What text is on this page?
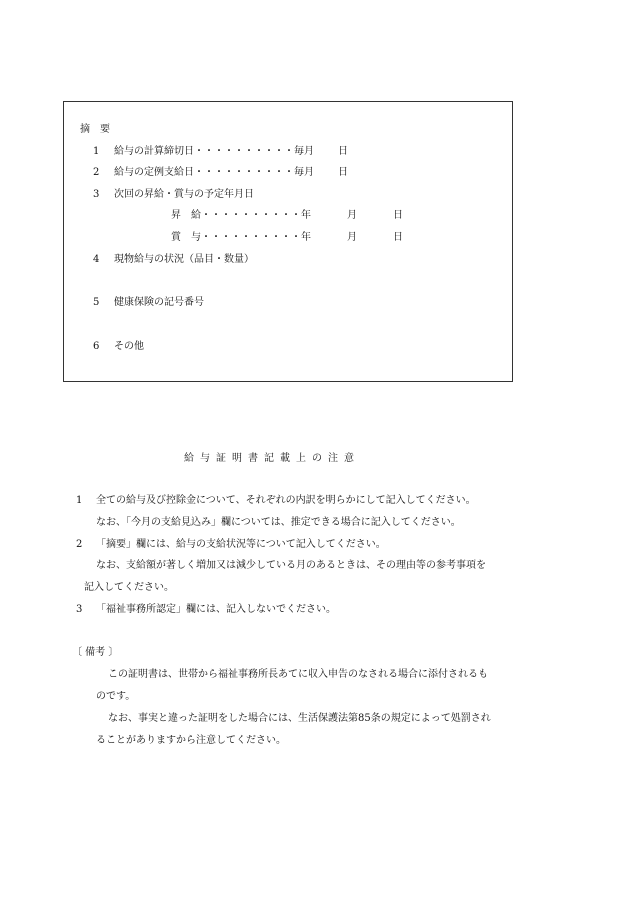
摘　要
1 給与の計算締切日・・・・・・・・・・毎月 日
2 給与の定例支給日・・・・・・・・・・毎月 日
3 次回の昇給・賞与の予定年月日
昇　給・・・・・・・・・・ 年	月	日
賞　与・・・・・・・・・・ 年	月	日
4 現物給与の状況（品目・数量）
5 健康保険の記号番号
6 その他
給与証明書記載上の注意
1 全ての給与及び控除金について、それぞれの内訳を明らかにして記入してください。
なお、「今月の支給見込み」欄については、推定できる場合に記入してください。
2 「摘要」欄には、給与の支給状況等について記入してください。
なお、支給額が著しく増加又は減少している月のあるときは、その理由等の参考事項を
記入してください。
3 「福祉事務所認定」欄には、記入しないでください。
〔 備考 〕
この証明書は、世帯から福祉事務所長あてに収入申告のなされる場合に添付されるも
のです。
なお、事実と違った証明をした場合には、生活保護法第85条の規定によって処罰され
ることがありますから注意してください。
